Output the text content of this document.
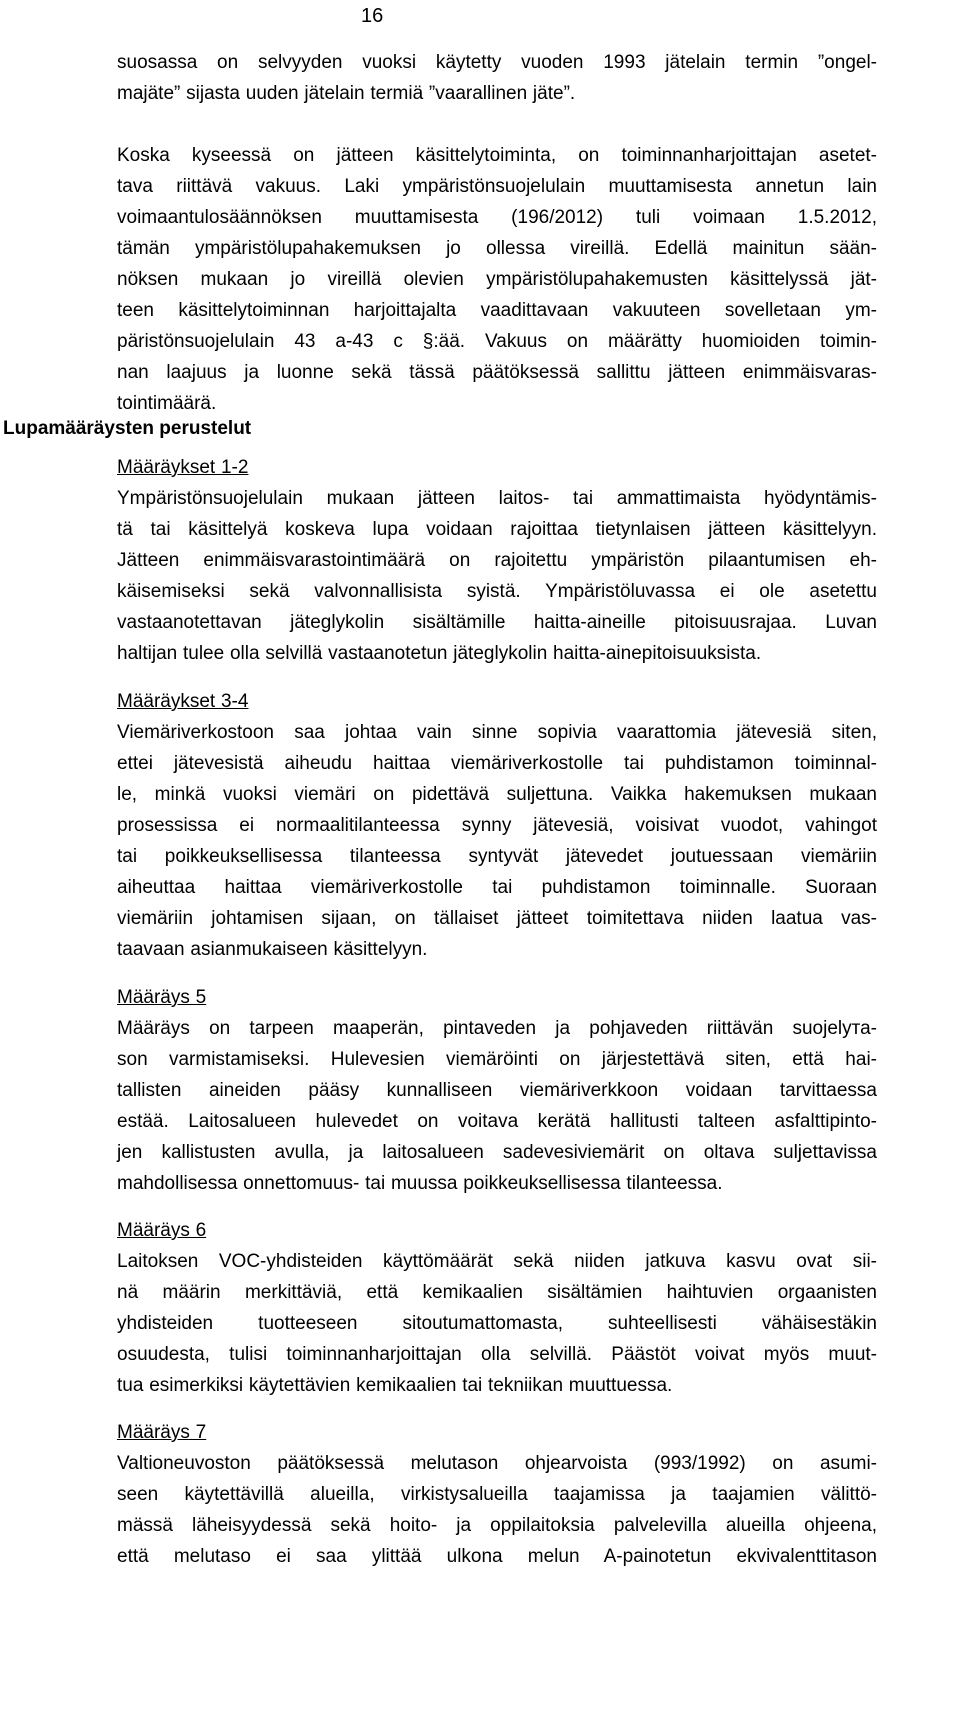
16
suosassa on selvyyden vuoksi käytetty vuoden 1993 jätelain termin ”ongel-
majäte” sijasta uuden jätelain termiä ”vaarallinen jäte”.
Koska kyseessä on jätteen käsittelytoiminta, on toiminnanharjoittajan asetet-
tava riittävä vakuus. Laki ympäristönsuojelulain muuttamisesta annetun lain
voimaantulosäännöksen muuttamisesta (196/2012) tuli voimaan 1.5.2012,
tämän ympäristölupahakemuksen jo ollessa vireillä. Edellä mainitun sään-
nöksen mukaan jo vireillä olevien ympäristölupahakemusten käsittelyssä jät-
teen käsittelytoiminnan harjoittajalta vaadittavaan vakuuteen sovelletaan ym-
päristönsuojelulain 43 a-43 c §:ää. Vakuus on määrätty huomioiden toimin-
nan laajuus ja luonne sekä tässä päätöksessä sallittu jätteen enimmäisvaras-
tointimäärä.
Lupamääräysten perustelut
Määräykset 1-2
Ympäristönsuojelulain mukaan jätteen laitos- tai ammattimaista hyödyntämis-
tä tai käsittelyä koskeva lupa voidaan rajoittaa tietynlaisen jätteen käsittelyyn.
Jätteen enimmäisvarastointimäärä on rajoitettu ympäristön pilaantumisen eh-
käisemiseksi sekä valvonnallisista syistä. Ympäristöluvassa ei ole asetettu
vastaanotettavan jäteglykolin sisältämille haitta-aineille pitoisuusrajaa. Luvan
haltijan tulee olla selvillä vastaanotetun jäteglykolin haitta-ainepitoisuuksista.
Määräykset 3-4
Viemäriverkostoon saa johtaa vain sinne sopivia vaarattomia jätevesiä siten,
ettei jätevesistä aiheudu haittaa viemäriverkostolle tai puhdistamon toiminnal-
le, minkä vuoksi viemäri on pidettävä suljettuna. Vaikka hakemuksen mukaan
prosessissa ei normaalitilanteessa synny jätevesiä, voisivat vuodot, vahingot
tai poikkeuksellisessa tilanteessa syntyvät jätevedet joutuessaan viemäriin
aiheuttaa haittaa viemäriverkostolle tai puhdistamon toiminnalle. Suoraan
viemäriin johtamisen sijaan, on tällaiset jätteet toimitettava niiden laatua vas-
taavaan asianmukaiseen käsittelyyn.
Määräys 5
Määräys on tarpeen maaperän, pintaveden ja pohjaveden riittävän suojelута-
son varmistamiseksi. Hulevesien viemäröinti on järjestettävä siten, että hai-
tallisten aineiden pääsy kunnalliseen viemäriverkkoon voidaan tarvittaessa
estää. Laitosalueen hulevedet on voitava kerätä hallitusti talteen asfalttipinto-
jen kallistusten avulla, ja laitosalueen sadevesiviemärit on oltava suljettavissa
mahdollisessa onnettomuus- tai muussa poikkeuksellisessa tilanteessa.
Määräys 6
Laitoksen VOC-yhdisteiden käyttömäärät sekä niiden jatkuva kasvu ovat sii-
nä määrin merkittäviä, että kemikaalien sisältämien haihtuvien orgaanisten
yhdisteiden tuotteeseen sitoutumattomasta, suhteellisesti vähäisestäkin
osuudesta, tulisi toiminnanharjoittajan olla selvillä. Päästöt voivat myös muut-
tua esimerkiksi käytettävien kemikaalien tai tekniikan muuttuessa.
Määräys 7
Valtioneuvoston päätöksessä melutason ohjearvoista (993/1992) on asumi-
seen käytettävillä alueilla, virkistysalueilla taajamissa ja taajamien välittö-
mässä läheisyydessä sekä hoito- ja oppilaitoksia palvelevilla alueilla ohjeena,
että melutaso ei saa ylittää ulkona melun A-painotetun ekvivalenttitason
